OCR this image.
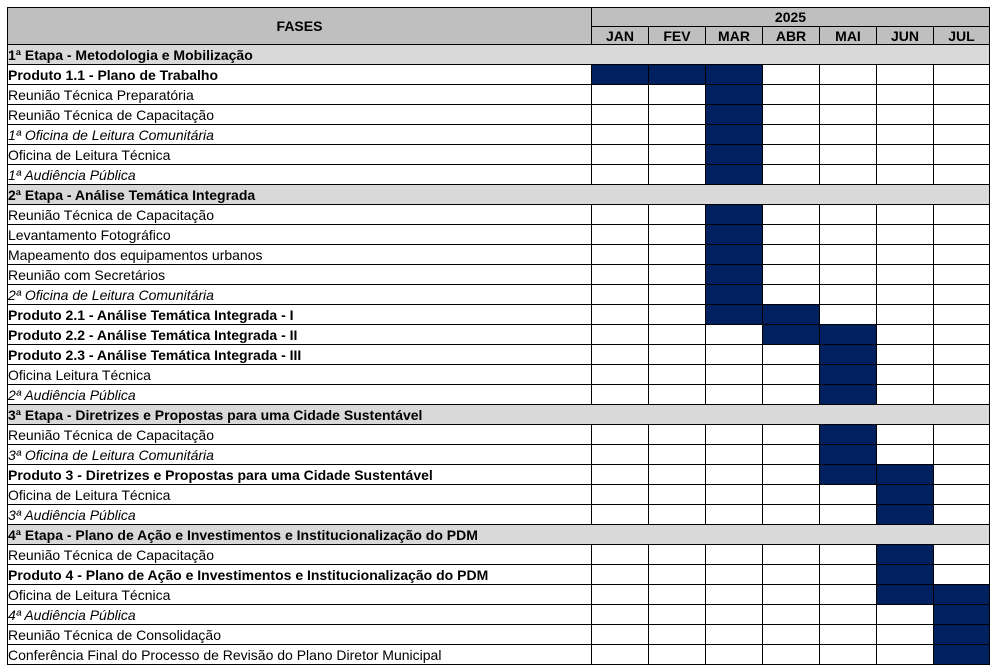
FASES	2025						
	JAN	FEV	MAR	ABR	MAI	JUN	JUL
1ª Etapa - Metodologia e Mobilização							
Produto 1.1 - Plano de Trabalho							
Reunião Técnica Preparatória							
Reunião Técnica de Capacitação							
1ª Oficina de Leitura Comunitária							
Oficina de Leitura Técnica							
1ª Audiência Pública							
2ª Etapa - Análise Temática Integrada							
Reunião Técnica de Capacitação							
Levantamento Fotográfico							
Mapeamento dos equipamentos urbanos							
Reunião com Secretários							
2ª Oficina de Leitura Comunitária							
Produto 2.1 - Análise Temática Integrada - I							
Produto 2.2 - Análise Temática Integrada - II							
Produto 2.3 - Análise Temática Integrada - III							
Oficina Leitura Técnica							
2ª Audiência Pública							
3ª Etapa - Diretrizes e Propostas para uma Cidade Sustentável							
Reunião Técnica de Capacitação							
3ª Oficina de Leitura Comunitária							
Produto 3 - Diretrizes e Propostas para uma Cidade Sustentável							
Oficina de Leitura Técnica							
3ª Audiência Pública							
4ª Etapa - Plano de Ação e Investimentos e Institucionalização do PDM							
Reunião Técnica de Capacitação							
Produto 4 - Plano de Ação e Investimentos e Institucionalização do PDM							
Oficina de Leitura Técnica							
4ª Audiência Pública							
Reunião Técnica de Consolidação							
Conferência Final do Processo de Revisão do Plano Diretor Municipal							
